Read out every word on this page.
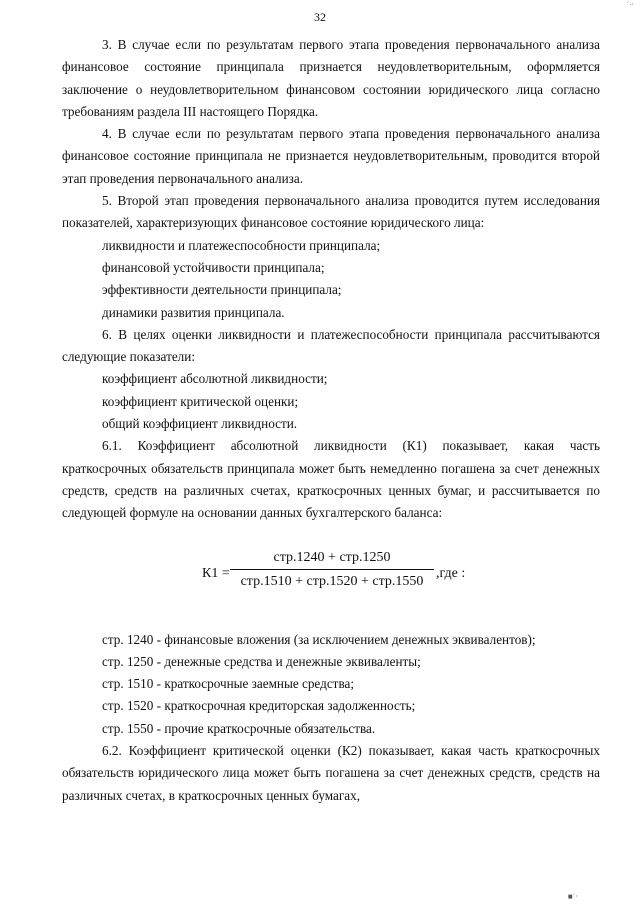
˙∙·
32

3. В случае если по результатам первого этапа проведения первоначального анализа финансовое состояние принципала признается неудовлетворительным, оформляется заключение о неудовлетворительном финансовом состоянии юридического лица согласно требованиям раздела III настоящего Порядка.

4. В случае если по результатам первого этапа проведения первоначального анализа финансовое состояние принципала не признается неудовлетворительным, проводится второй этап проведения первоначального анализа.

5. Второй этап проведения первоначального анализа проводится путем исследования показателей, характеризующих финансовое состояние юридического лица:

ликвидности и платежеспособности принципала;

финансовой устойчивости принципала;

эффективности деятельности принципала;

динамики развития принципала.

6. В целях оценки ликвидности и платежеспособности принципала рассчитываются следующие показатели:

коэффициент абсолютной ликвидности;

коэффициент критической оценки;

общий коэффициент ликвидности.

6.1. Коэффициент абсолютной ликвидности (К1) показывает, какая часть краткосрочных обязательств принципала может быть немедленно погашена за счет денежных средств, средств на различных счетах, краткосрочных ценных бумаг, и рассчитывается по следующей формуле на основании данных бухгалтерского баланса:

К1 =
стр.1240 + стр.1250
стр.1510 + стр.1520 + стр.1550
,где :

стр. 1240 - финансовые вложения (за исключением денежных эквивалентов);

стр. 1250 - денежные средства и денежные эквиваленты;

стр. 1510 - краткосрочные заемные средства;

стр. 1520 - краткосрочная кредиторская задолженность;

стр. 1550 - прочие краткосрочные обязательства.

6.2. Коэффициент критической оценки (К2) показывает, какая часть краткосрочных обязательств юридического лица может быть погашена за счет денежных средств, средств на различных счетах, в краткосрочных ценных бумагах,

■˙·
